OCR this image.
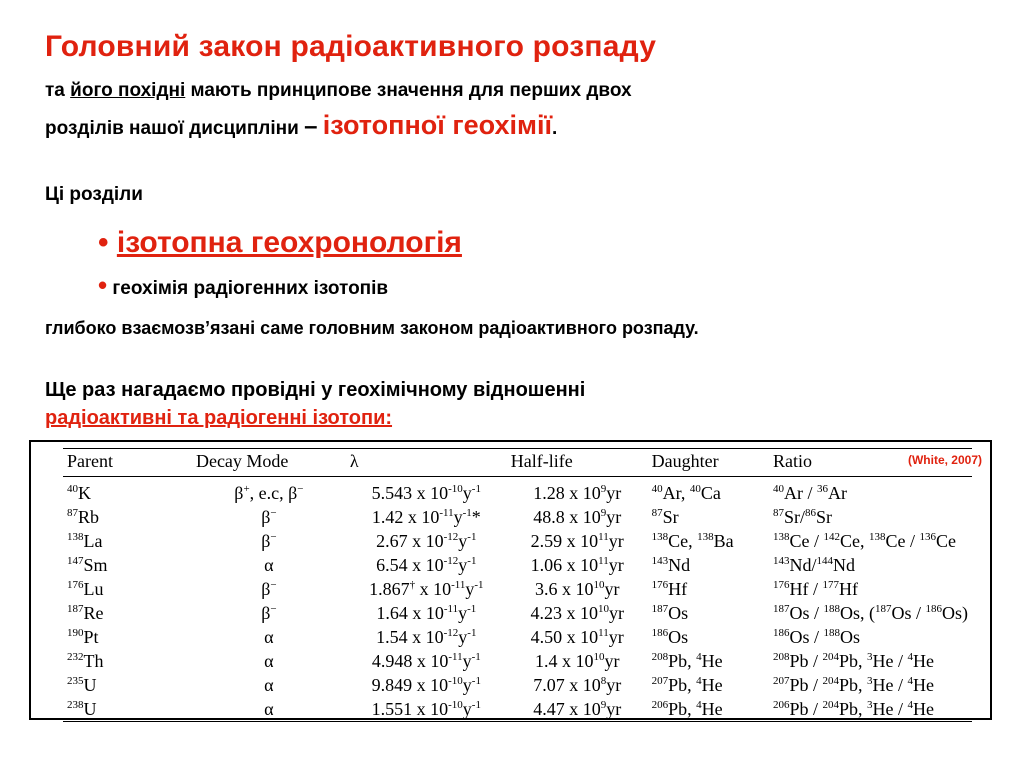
Головний закон радіоактивного розпаду
та його похідні мають принципове значення для перших двох
розділів нашої дисципліни – ізотопної геохімії.
Ці розділи
• ізотопна геохронологія
• геохімія радіогенних ізотопів
глибоко взаємозв’язані саме головним законом радіоактивного розпаду.
Ще раз нагадаємо провідні у геохімічному відношенні
радіоактивні та радіогенні ізотопи:
(White, 2007)
Parent	Decay Mode	λ	Half-life	Daughter	Ratio
$^{40}$K	β+, e.c, β−	5.543 x $10^{-10}y^{-1}$	1.28 x $10^9yr$	$^{40}$Ar, $^{40}$Ca	$^{40}$Ar / $^{36}$Ar
$^{87}$Rb	β−	1.42 x $10^{-11}y^{-1}*$	48.8 x $10^9yr$	$^{87}$Sr	$^{87}$Sr/$^{86}$Sr
$^{138}$La	β−	2.67 x $10^{-12}y^{-1}$	2.59 x $10^{11}yr$	$^{138}$Ce, $^{138}$Ba	$^{138}$Ce / $^{142}$Ce, $^{138}$Ce / $^{136}$Ce
$^{147}$Sm	α	6.54 x $10^{-12}y^{-1}$	1.06 x $10^{11}yr$	$^{143}$Nd	$^{143}$Nd/$^{144}$Nd
$^{176}$Lu	β−	1.867† x $10^{-11}y^{-1}$	3.6 x $10^{10}yr$	$^{176}$Hf	$^{176}$Hf / $^{177}$Hf
$^{187}$Re	β−	1.64 x $10^{-11}y^{-1}$	4.23 x $10^{10}yr$	$^{187}$Os	$^{187}$Os / $^{188}$Os, ($^{187}$Os / $^{186}$Os)
$^{190}$Pt	α	1.54 x $10^{-12}y^{-1}$	4.50 x $10^{11}yr$	$^{186}$Os	$^{186}$Os / $^{188}$Os
$^{232}$Th	α	4.948 x $10^{-11}y^{-1}$	1.4 x $10^{10}yr$	$^{208}$Pb, $^4$He	$^{208}$Pb / $^{204}$Pb, $^3$He / $^4$He
$^{235}$U	α	9.849 x $10^{-10}y^{-1}$	7.07 x $10^8yr$	$^{207}$Pb, $^4$He	$^{207}$Pb / $^{204}$Pb, $^3$He / $^4$He
$^{238}$U	α	1.551 x $10^{-10}y^{-1}$	4.47 x $10^9yr$	$^{206}$Pb, $^4$He	$^{206}$Pb / $^{204}$Pb, $^3$He / $^4$He
